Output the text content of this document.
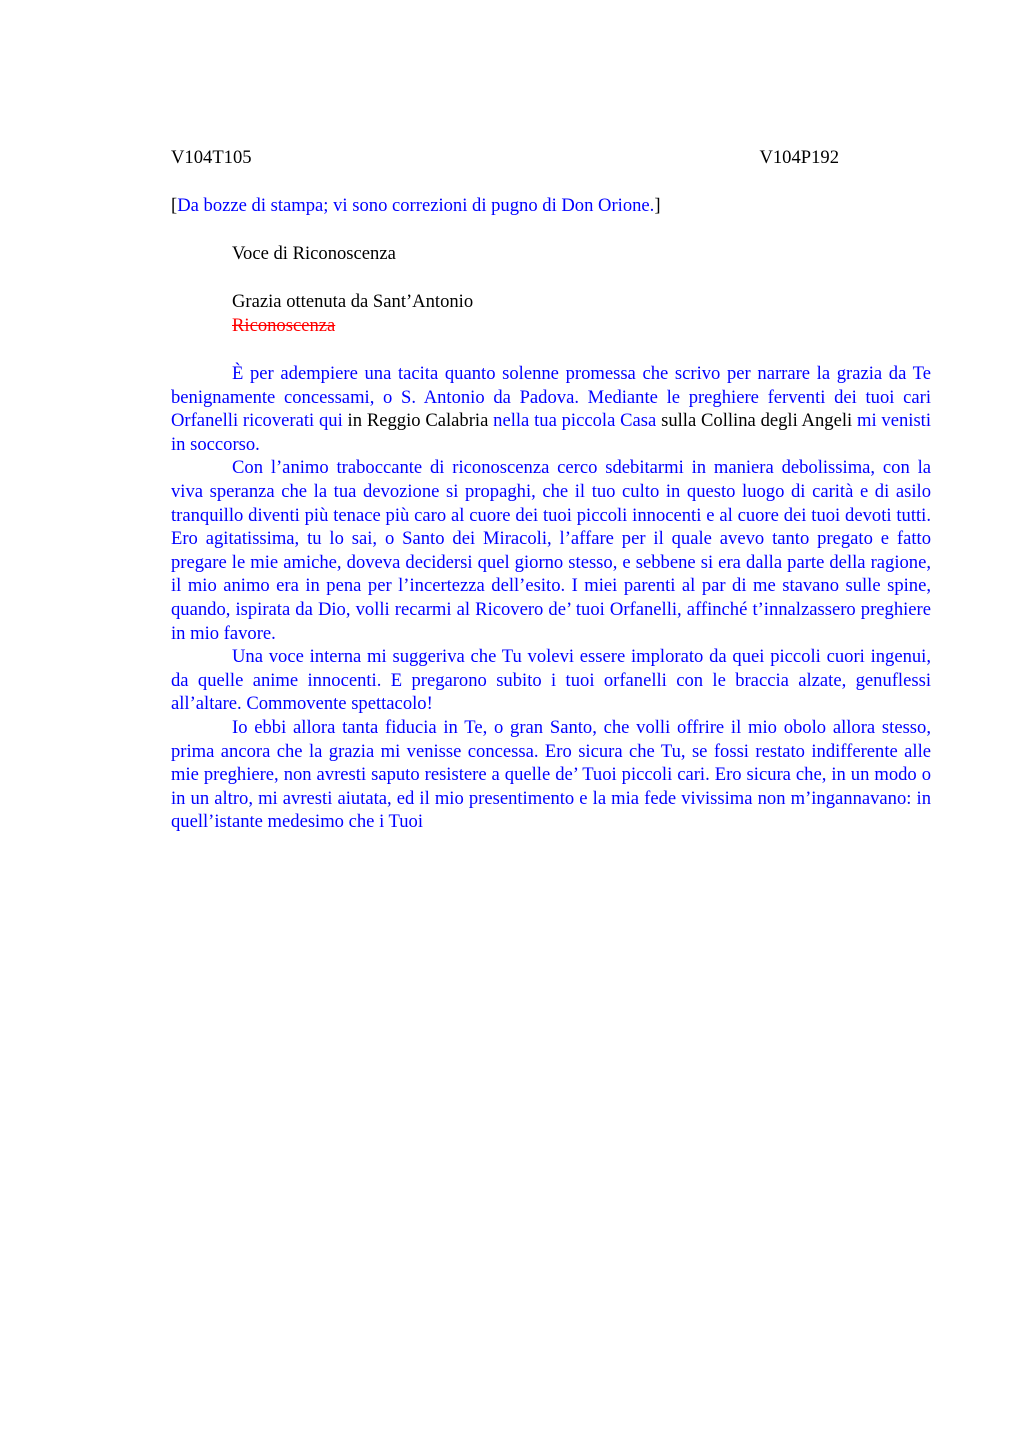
V104T105	V104P192
[Da bozze di stampa; vi sono correzioni di pugno di Don Orione.]
Voce di Riconoscenza
Grazia ottenuta da Sant’Antonio
Riconoscenza

È per adempiere una tacita quanto solenne promessa che scrivo per narrare la grazia da Te benignamente concessami, o S. Antonio da Padova. Mediante le preghiere ferventi dei tuoi cari Orfanelli ricoverati qui in Reggio Calabria nella tua piccola Casa sulla Collina degli Angeli mi venisti in soccorso.

Con l’animo traboccante di riconoscenza cerco sdebitarmi in maniera debolissima, con la viva speranza che la tua devozione si propaghi, che il tuo culto in questo luogo di carità e di asilo tranquillo diventi più tenace più caro al cuore dei tuoi piccoli innocenti e al cuore dei tuoi devoti tutti. Ero agitatissima, tu lo sai, o Santo dei Miracoli, l’affare per il quale avevo tanto pregato e fatto pregare le mie amiche, doveva decidersi quel giorno stesso, e sebbene si era dalla parte della ragione, il mio animo era in pena per l’incertezza dell’esito. I miei parenti al par di me stavano sulle spine, quando, ispirata da Dio, volli recarmi al Ricovero de’ tuoi Orfanelli, affinché t’innalzassero preghiere in mio favore.

Una voce interna mi suggeriva che Tu volevi essere implorato da quei piccoli cuori ingenui, da quelle anime innocenti. E pregarono subito i tuoi orfanelli con le braccia alzate, genuflessi all’altare. Commovente spettacolo!

Io ebbi allora tanta fiducia in Te, o gran Santo, che volli offrire il mio obolo allora stesso, prima ancora che la grazia mi venisse concessa. Ero sicura che Tu, se fossi restato indifferente alle mie preghiere, non avresti saputo resistere a quelle de’ Tuoi piccoli cari. Ero sicura che, in un modo o in un altro, mi avresti aiutata, ed il mio presentimento e la mia fede vivissima non m’ingannavano: in quell’istante medesimo che i Tuoi
